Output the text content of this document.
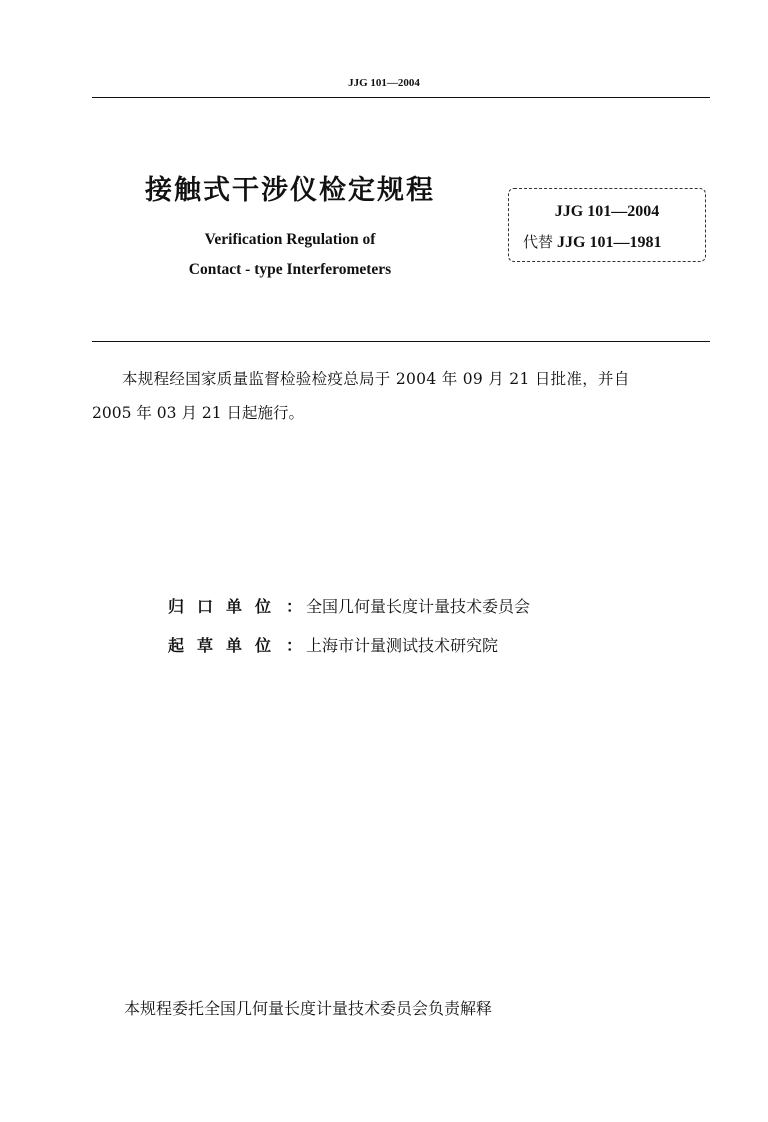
JJG 101—2004
接触式干涉仪检定规程
Verification Regulation of
Contact - type Interferometers
JJG 101—2004
代替 JJG 101—1981
本规程经国家质量监督检验检疫总局于 2004 年 09 月 21 日批准，并自
2005 年 03 月 21 日起施行。
归口单位 ： 全国几何量长度计量技术委员会
起草单位 ： 上海市计量测试技术研究院
本规程委托全国几何量长度计量技术委员会负责解释
